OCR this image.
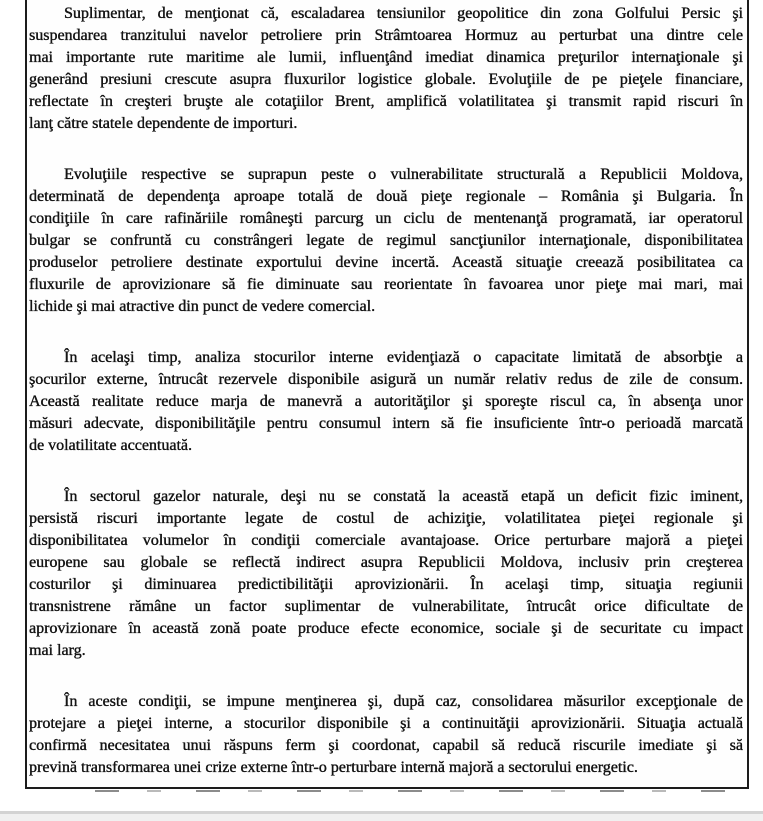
Suplimentar, de menţionat că, escaladarea tensiunilor geopolitice din zona Golfului Persic şi
suspendarea tranzitului navelor petroliere prin Strâmtoarea Hormuz au perturbat una dintre cele
mai importante rute maritime ale lumii, influenţând imediat dinamica preţurilor internaţionale şi
generând presiuni crescute asupra fluxurilor logistice globale. Evoluţiile de pe pieţele financiare,
reflectate în creşteri bruşte ale cotaţiilor Brent, amplifică volatilitatea şi transmit rapid riscuri în
lanţ către statele dependente de importuri.

Evoluţiile respective se suprapun peste o vulnerabilitate structurală a Republicii Moldova,
determinată de dependenţa aproape totală de două pieţe regionale – România şi Bulgaria. În
condiţiile în care rafinăriile româneşti parcurg un ciclu de mentenanţă programată, iar operatorul
bulgar se confruntă cu constrângeri legate de regimul sancţiunilor internaţionale, disponibilitatea
produselor petroliere destinate exportului devine incertă. Această situaţie creează posibilitatea ca
fluxurile de aprovizionare să fie diminuate sau reorientate în favoarea unor pieţe mai mari, mai
lichide şi mai atractive din punct de vedere comercial.

În acelaşi timp, analiza stocurilor interne evidenţiază o capacitate limitată de absorbţie a
şocurilor externe, întrucât rezervele disponibile asigură un număr relativ redus de zile de consum.
Această realitate reduce marja de manevră a autorităţilor şi sporeşte riscul ca, în absenţa unor
măsuri adecvate, disponibilităţile pentru consumul intern să fie insuficiente într-o perioadă marcată
de volatilitate accentuată.

În sectorul gazelor naturale, deşi nu se constată la această etapă un deficit fizic iminent,
persistă riscuri importante legate de costul de achiziţie, volatilitatea pieţei regionale şi
disponibilitatea volumelor în condiţii comerciale avantajoase. Orice perturbare majoră a pieţei
europene sau globale se reflectă indirect asupra Republicii Moldova, inclusiv prin creşterea
costurilor şi diminuarea predictibilităţii aprovizionării. În acelaşi timp, situaţia regiunii
transnistrene rămâne un factor suplimentar de vulnerabilitate, întrucât orice dificultate de
aprovizionare în această zonă poate produce efecte economice, sociale şi de securitate cu impact
mai larg.

În aceste condiţii, se impune menţinerea şi, după caz, consolidarea măsurilor excepţionale de
protejare a pieţei interne, a stocurilor disponibile şi a continuităţii aprovizionării. Situaţia actuală
confirmă necesitatea unui răspuns ferm şi coordonat, capabil să reducă riscurile imediate şi să
prevină transformarea unei crize externe într-o perturbare internă majoră a sectorului energetic.
